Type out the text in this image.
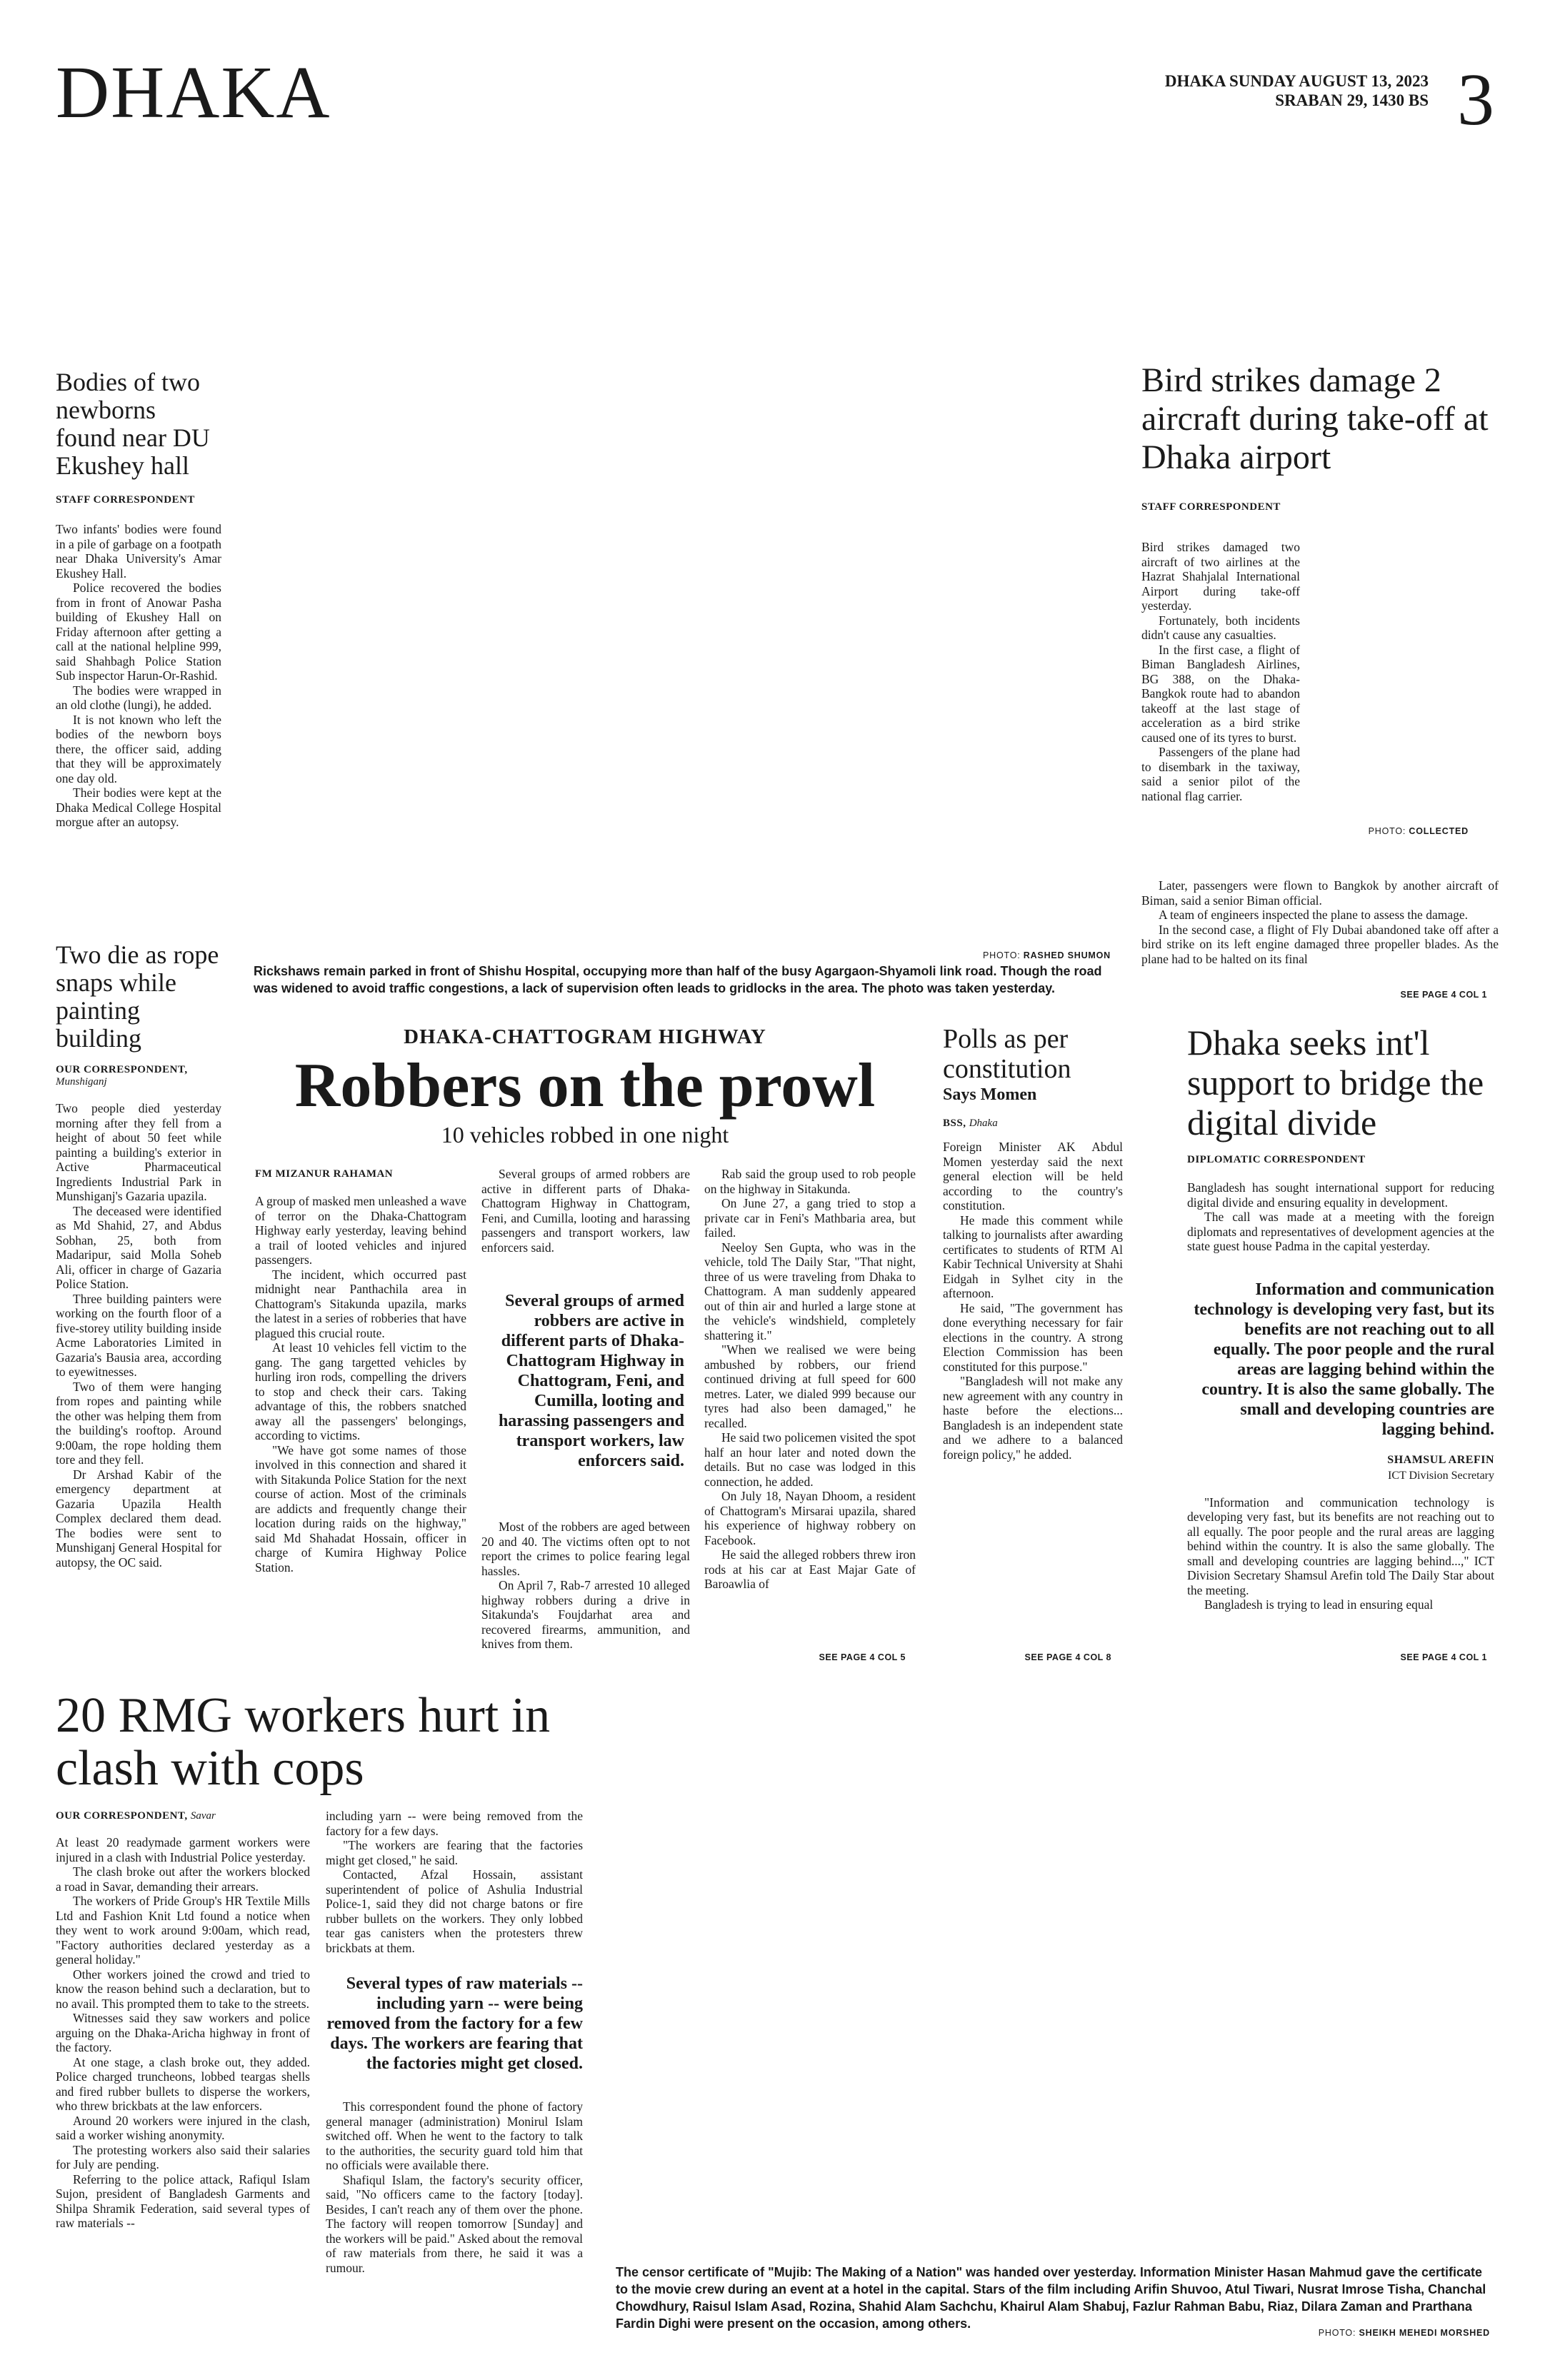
DHAKA	DHAKA SUNDAY AUGUST 13, 2023
SRABAN 29, 1430 BS 3
Bodies of two newborns found near DU Ekushey hall
STAFF CORRESPONDENT

Two infants' bodies were found in a pile of garbage on a footpath near Dhaka University's Amar Ekushey Hall.

Police recovered the bodies from in front of Anowar Pasha building of Ekushey Hall on Friday afternoon after getting a call at the national helpline 999, said Shahbagh Police Station Sub inspector Harun-Or-Rashid.

The bodies were wrapped in an old clothe (lungi), he added.

It is not known who left the bodies of the newborn boys there, the officer said, adding that they will be approximately one day old.

Their bodies were kept at the Dhaka Medical College Hospital morgue after an autopsy.

Two die as rope snaps while painting building
OUR CORRESPONDENT,
Munshiganj

Two people died yesterday morning after they fell from a height of about 50 feet while painting a building's exterior in Active Pharmaceutical Ingredients Industrial Park in Munshiganj's Gazaria upazila.

The deceased were identified as Md Shahid, 27, and Abdus Sobhan, 25, both from Madaripur, said Molla Soheb Ali, officer in charge of Gazaria Police Station.

Three building painters were working on the fourth floor of a five-storey utility building inside Acme Laboratories Limited in Gazaria's Bausia area, according to eyewitnesses.

Two of them were hanging from ropes and painting while the other was helping them from the building's rooftop. Around 9:00am, the rope holding them tore and they fell.

Dr Arshad Kabir of the emergency department at Gazaria Upazila Health Complex declared them dead. The bodies were sent to Munshiganj General Hospital for autopsy, the OC said.

PHOTO: RASHED SHUMON
Rickshaws remain parked in front of Shishu Hospital, occupying more than half of the busy Agargaon-Shyamoli link road. Though the road was widened to avoid traffic congestions, a lack of supervision often leads to gridlocks in the area. The photo was taken yesterday.
Bird strikes damage 2 aircraft during take-off at Dhaka airport
STAFF CORRESPONDENT

Bird strikes damaged two aircraft of two airlines at the Hazrat Shahjalal International Airport during take-off yesterday.

Fortunately, both incidents didn't cause any casualties.

In the first case, a flight of Biman Bangladesh Airlines, BG 388, on the Dhaka-Bangkok route had to abandon takeoff at the last stage of acceleration as a bird strike caused one of its tyres to burst.

Passengers of the plane had to disembark in the taxiway, said a senior pilot of the national flag carrier.

PHOTO: COLLECTED

Later, passengers were flown to Bangkok by another aircraft of Biman, said a senior Biman official.

A team of engineers inspected the plane to assess the damage.

In the second case, a flight of Fly Dubai abandoned take off after a bird strike on its left engine damaged three propeller blades. As the plane had to be halted on its final

SEE PAGE 4 COL 1
DHAKA-CHATTOGRAM HIGHWAY
Robbers on the prowl
10 vehicles robbed in one night
FM MIZANUR RAHAMAN

A group of masked men unleashed a wave of terror on the Dhaka-Chattogram Highway early yesterday, leaving behind a trail of looted vehicles and injured passengers.

The incident, which occurred past midnight near Panthachila area in Chattogram's Sitakunda upazila, marks the latest in a series of robberies that have plagued this crucial route.

At least 10 vehicles fell victim to the gang. The gang targetted vehicles by hurling iron rods, compelling the drivers to stop and check their cars. Taking advantage of this, the robbers snatched away all the passengers' belongings, according to victims.

"We have got some names of those involved in this connection and shared it with Sitakunda Police Station for the next course of action. Most of the criminals are addicts and frequently change their location during raids on the highway," said Md Shahadat Hossain, officer in charge of Kumira Highway Police Station.

Several groups of armed robbers are active in different parts of Dhaka-Chattogram Highway in Chattogram, Feni, and Cumilla, looting and harassing passengers and transport workers, law enforcers said.

Several groups of armed robbers are active in different parts of Dhaka-Chattogram Highway in Chattogram, Feni, and Cumilla, looting and harassing passengers and transport workers, law enforcers said.

Most of the robbers are aged between 20 and 40. The victims often opt to not report the crimes to police fearing legal hassles.

On April 7, Rab-7 arrested 10 alleged highway robbers during a drive in Sitakunda's Foujdarhat area and recovered firearms, ammunition, and knives from them.

Rab said the group used to rob people on the highway in Sitakunda.

On June 27, a gang tried to stop a private car in Feni's Mathbaria area, but failed.

Neeloy Sen Gupta, who was in the vehicle, told The Daily Star, "That night, three of us were traveling from Dhaka to Chattogram. A man suddenly appeared out of thin air and hurled a large stone at the vehicle's windshield, completely shattering it."

"When we realised we were being ambushed by robbers, our friend continued driving at full speed for 600 metres. Later, we dialed 999 because our tyres had also been damaged," he recalled.

He said two policemen visited the spot half an hour later and noted down the details. But no case was lodged in this connection, he added.

On July 18, Nayan Dhoom, a resident of Chattogram's Mirsarai upazila, shared his experience of highway robbery on Facebook.

He said the alleged robbers threw iron rods at his car at East Majar Gate of Baroawlia of

SEE PAGE 4 COL 5
Polls as per constitution
Says Momen
BSS, Dhaka

Foreign Minister AK Abdul Momen yesterday said the next general election will be held according to the country's constitution.

He made this comment while talking to journalists after awarding certificates to students of RTM Al Kabir Technical University at Shahi Eidgah in Sylhet city in the afternoon.

He said, "The government has done everything necessary for fair elections in the country. A strong Election Commission has been constituted for this purpose."

"Bangladesh will not make any new agreement with any country in haste before the elections... Bangladesh is an independent state and we adhere to a balanced foreign policy," he added.

SEE PAGE 4 COL 8
Dhaka seeks int'l support to bridge the digital divide
DIPLOMATIC CORRESPONDENT

Bangladesh has sought international support for reducing digital divide and ensuring equality in development.

The call was made at a meeting with the foreign diplomats and representatives of development agencies at the state guest house Padma in the capital yesterday.

Information and communication technology is developing very fast, but its benefits are not reaching out to all equally. The poor people and the rural areas are lagging behind within the country. It is also the same globally. The small and developing countries are lagging behind.
SHAMSUL AREFIN
ICT Division Secretary

"Information and communication technology is developing very fast, but its benefits are not reaching out to all equally. The poor people and the rural areas are lagging behind within the country. It is also the same globally. The small and developing countries are lagging behind...," ICT Division Secretary Shamsul Arefin told The Daily Star about the meeting.

Bangladesh is trying to lead in ensuring equal

SEE PAGE 4 COL 1
20 RMG workers hurt in clash with cops
OUR CORRESPONDENT, Savar

At least 20 readymade garment workers were injured in a clash with Industrial Police yesterday.

The clash broke out after the workers blocked a road in Savar, demanding their arrears.

The workers of Pride Group's HR Textile Mills Ltd and Fashion Knit Ltd found a notice when they went to work around 9:00am, which read, "Factory authorities declared yesterday as a general holiday."

Other workers joined the crowd and tried to know the reason behind such a declaration, but to no avail. This prompted them to take to the streets.

Witnesses said they saw workers and police arguing on the Dhaka-Aricha highway in front of the factory.

At one stage, a clash broke out, they added. Police charged truncheons, lobbed teargas shells and fired rubber bullets to disperse the workers, who threw brickbats at the law enforcers.

Around 20 workers were injured in the clash, said a worker wishing anonymity.

The protesting workers also said their salaries for July are pending.

Referring to the police attack, Rafiqul Islam Sujon, president of Bangladesh Garments and Shilpa Shramik Federation, said several types of raw materials --

including yarn -- were being removed from the factory for a few days.

"The workers are fearing that the factories might get closed," he said.

Contacted, Afzal Hossain, assistant superintendent of police of Ashulia Industrial Police-1, said they did not charge batons or fire rubber bullets on the workers. They only lobbed tear gas canisters when the protesters threw brickbats at them.

Several types of raw materials -- including yarn -- were being removed from the factory for a few days. The workers are fearing that the factories might get closed.

This correspondent found the phone of factory general manager (administration) Monirul Islam switched off. When he went to the factory to talk to the authorities, the security guard told him that no officials were available there.

Shafiqul Islam, the factory's security officer, said, "No officers came to the factory [today]. Besides, I can't reach any of them over the phone. The factory will reopen tomorrow [Sunday] and the workers will be paid." Asked about the removal of raw materials from there, he said it was a rumour.	The censor certificate of "Mujib: The Making of a Nation" was handed over yesterday. Information Minister Hasan Mahmud gave the certificate to the movie crew during an event at a hotel in the capital. Stars of the film including Arifin Shuvoo, Atul Tiwari, Nusrat Imrose Tisha, Chanchal Chowdhury, Raisul Islam Asad, Rozina, Shahid Alam Sachchu, Khairul Alam Shabuj, Fazlur Rahman Babu, Riaz, Dilara Zaman and Prarthana Fardin Dighi were present on the occasion, among others.
PHOTO: SHEIKH MEHEDI MORSHED
